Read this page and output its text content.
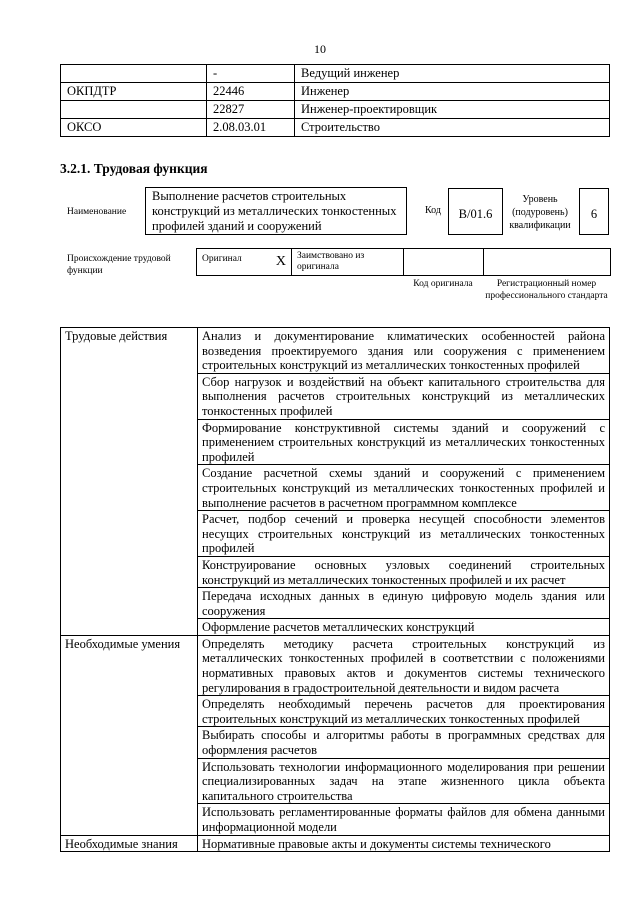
10
	-	Ведущий инженер
ОКПДТР	22446	Инженер
	22827	Инженер-проектировщик
ОКСО	2.08.03.01	Строительство
3.2.1. Трудовая функция
Наименование
Выполнение расчетов строительных конструкций из металлических тонкостенных профилей зданий и сооружений
Код	B/01.6
Уровень (подуровень) квалификации
6
Происхождение трудовой функции
Оригинал X	Заимствовано из оригинала		
Код оригинала	Регистрационный номер профессионального стандарта
Трудовые действия	Анализ и документирование климатических особенностей района возведения проектируемого здания или сооружения с применением строительных конструкций из металлических тонкостенных профилей
	Сбор нагрузок и воздействий на объект капитального строительства для выполнения расчетов строительных конструкций из металлических тонкостенных профилей
	Формирование конструктивной системы зданий и сооружений с применением строительных конструкций из металлических тонкостенных профилей
	Создание расчетной схемы зданий и сооружений с применением строительных конструкций из металлических тонкостенных профилей и выполнение расчетов в расчетном программном комплексе
	Расчет, подбор сечений и проверка несущей способности элементов несущих строительных конструкций из металлических тонкостенных профилей
	Конструирование основных узловых соединений строительных конструкций из металлических тонкостенных профилей и их расчет
	Передача исходных данных в единую цифровую модель здания или сооружения
	Оформление расчетов металлических конструкций
Необходимые умения	Определять методику расчета строительных конструкций из металлических тонкостенных профилей в соответствии с положениями нормативных правовых актов и документов системы технического регулирования в градостроительной деятельности и видом расчета
	Определять необходимый перечень расчетов для проектирования строительных конструкций из металлических тонкостенных профилей
	Выбирать способы и алгоритмы работы в программных средствах для оформления расчетов
	Использовать технологии информационного моделирования при решении специализированных задач на этапе жизненного цикла объекта капитального строительства
	Использовать регламентированные форматы файлов для обмена данными информационной модели
Необходимые знания	Нормативные правовые акты и документы системы технического
